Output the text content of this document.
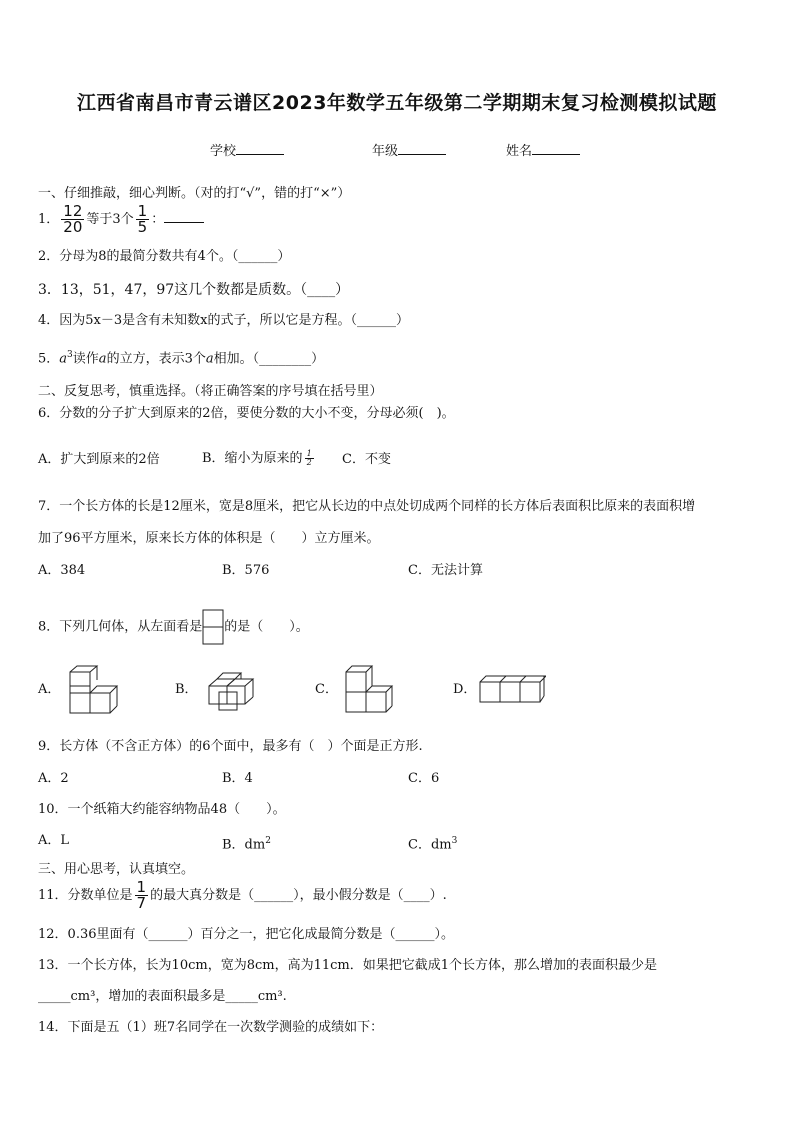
江西省南昌市青云谱区2023年数学五年级第二学期期末复习检测模拟试题
学校	年级	姓名
一、仔细推敲，细心判断。（对的打“√”，错的打“×”）
1． $\frac{12}{20}$ 等于3个 $\frac{1}{5}$ ：
2．分母为8的最简分数共有4个。（______）
3．13，51，47，97这几个数都是质数。（____）
4．因为5x－3是含有未知数x的式子，所以它是方程。（______）
5．$a^3$读作a的立方，表示3个a相加。（________）
二、反复思考，慎重选择。（将正确答案的序号填在括号里）
6．分数的分子扩大到原来的2倍，要使分数的大小不变，分母必须(　)。
A．扩大到原来的2倍	B．缩小为原来的 $\frac{1}{2}$ C．不变
7．一个长方体的长是12厘米，宽是8厘米，把它从长边的中点处切成两个同样的长方体后表面积比原来的表面积增
加了96平方厘米，原来长方体的体积是（　　）立方厘米。
A．384	B．576	C．无法计算
8．下列几何体，从左面看是 的是（　　）。
A．	B．	C．	D．
9．长方体（不含正方体）的6个面中，最多有（　）个面是正方形.
A．2	B．4	C．6
10．一个纸箱大约能容纳物品48（　　）。
A．L	B．$dm^2$	C．$dm^3$
三、用心思考，认真填空。
11．分数单位是 $\frac{1}{7}$ 的最大真分数是（______），最小假分数是（____）.
12．0.36里面有（______）百分之一，把它化成最简分数是（______）。
13．一个长方体，长为10cm，宽为8cm，高为11cm．如果把它截成1个长方体，那么增加的表面积最少是
_____cm³，增加的表面积最多是_____cm³.
14．下面是五（1）班7名同学在一次数学测验的成绩如下：
